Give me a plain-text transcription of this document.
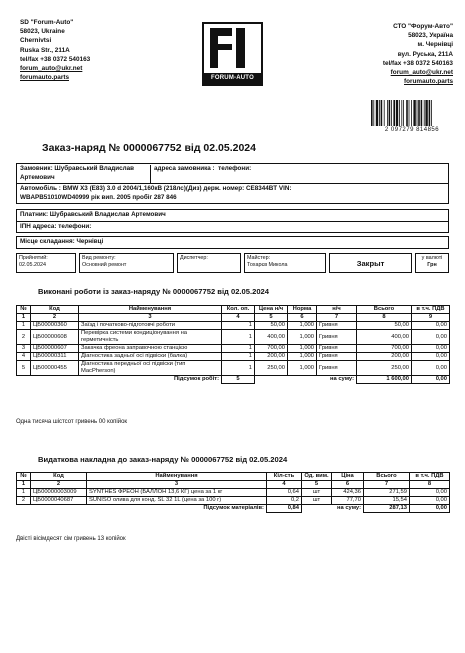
SD "Forum-Auto"
58023, Ukraine
Chernivtsi
Ruska Str., 211A
tel/fax +38 0372 540163
forum_auto@ukr.net
forumauto.parts	FORUM-AUTO
СТО "Форум-Авто"
58023, Україна
м. Чернівці
вул. Руська, 211А
tel/fax +38 0372 540163
forum_auto@ukr.net
forumauto.parts
2 097279 814856
Заказ-наряд № 0000067752 від 02.05.2024
Замовник: Шубравський Владислав Артемович
адреса замовника : телефони:
Автомобіль : BMW X3 (E83) 3.0 d 2004/1,160кВ (218лс)(Диз) держ. номер: CE8344BT VIN:
WBAPB51010WD40999 рік вип. 2005 пробіг 287 846
Платник: Шубравський Владислав Артемович
ІПН адреса: телефони:
Місце складання: Чернівці
Прийнятий:
02.05.2024
Вид ремонту:
Основний ремонт
Диспетчер:	Майстер:
Тохарєв Микола	Закрыт
у валюті
Грн
Виконані роботи із заказ-наряду № 0000067752 від 02.05.2024
№	Код	Найменування	Кол. оп.	Цена н/ч	Норма	н/ч	Всього	в т.ч. ПДВ
1	2	3	4	5	6	7	8	9
1	ЦБ00000360	Заїзд і початково-підготовчі роботи	1	50,00	1,000	Гривня	50,00	0,00
2	ЦБ00000608	Перевірка системи кондиціонування на герметичність	1	400,00	1,000	Гривня	400,00	0,00
3	ЦБ00000607	Закачка фреона заправочною станцією	1	700,00	1,000	Гривня	700,00	0,00
4	ЦБ00000311	Діагностика задньої осі підвіски (балка)	1	200,00	1,000	Гривня	200,00	0,00
5	ЦБ00000455	Діагностика передньої осі підвіски (тип MacPherson)	1	250,00	1,000	Гривня	250,00	0,00
Підсумок робіт:			5	на суму:			1 600,00	0,00
Одна тисяча шістсот гривень 00 копійок
Видаткова накладна до заказ-наряду № 0000067752 від 02.05.2024
№	Код	Найменування	Кіл-сть	Од. вим.	Ціна	Всього	в т.ч. ПДВ
1	2	3	4	5	6	7	8
1	ЦБ00000003009	SYNTHES ФРЕОН (БАЛЛОН 13,6 КГ) цена за 1 кг	0,64	шт	424,36	271,59	0,00
2	ЦБ0000040687	SUNISO олива для конд. SL 32 1L (цена за 100 г)	0,2	шт	77,70	15,54	0,00
Підсумок матеріалів:			0,84	на суму:		287,13	0,00
Двісті вісімдесят сім гривень 13 копійок
